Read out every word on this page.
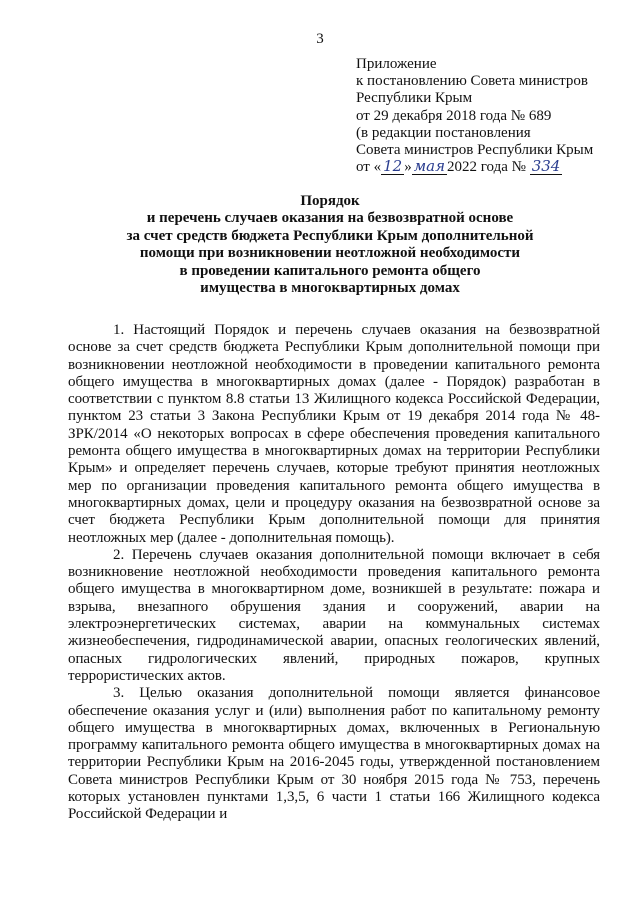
3
Приложение
к постановлению Совета министров
Республики Крым
от 29 декабря 2018 года № 689
(в редакции постановления
Совета министров Республики Крым
от « 12 » мая 2022 года № 334
Порядок
и перечень случаев оказания на безвозвратной основе
за счет средств бюджета Республики Крым дополнительной
помощи при возникновении неотложной необходимости
в проведении капитального ремонта общего
имущества в многоквартирных домах

1. Настоящий Порядок и перечень случаев оказания на безвозвратной основе за счет средств бюджета Республики Крым дополнительной помощи при возникновении неотложной необходимости в проведении капитального ремонта общего имущества в многоквартирных домах (далее - Порядок) разработан в соответствии с пунктом 8.8 статьи 13 Жилищного кодекса Российской Федерации, пунктом 23 статьи 3 Закона Республики Крым от 19 декабря 2014 года № 48-ЗРК/2014 «О некоторых вопросах в сфере обеспечения проведения капитального ремонта общего имущества в многоквартирных домах на территории Республики Крым» и определяет перечень случаев, которые требуют принятия неотложных мер по организации проведения капитального ремонта общего имущества в многоквартирных домах, цели и процедуру оказания на безвозвратной основе за счет бюджета Республики Крым дополнительной помощи для принятия неотложных мер (далее - дополнительная помощь).

2. Перечень случаев оказания дополнительной помощи включает в себя возникновение неотложной необходимости проведения капитального ремонта общего имущества в многоквартирном доме, возникшей в результате: пожара и взрыва, внезапного обрушения здания и сооружений, аварии на электроэнергетических системах, аварии на коммунальных системах жизнеобеспечения, гидродинамической аварии, опасных геологических явлений, опасных гидрологических явлений, природных пожаров, крупных террористических актов.

3. Целью оказания дополнительной помощи является финансовое обеспечение оказания услуг и (или) выполнения работ по капитальному ремонту общего имущества в многоквартирных домах, включенных в Региональную программу капитального ремонта общего имущества в многоквартирных домах на территории Республики Крым на 2016-2045 годы, утвержденной постановлением Совета министров Республики Крым от 30 ноября 2015 года № 753, перечень которых установлен пунктами 1,3,5, 6 части 1 статьи 166 Жилищного кодекса Российской Федерации и
